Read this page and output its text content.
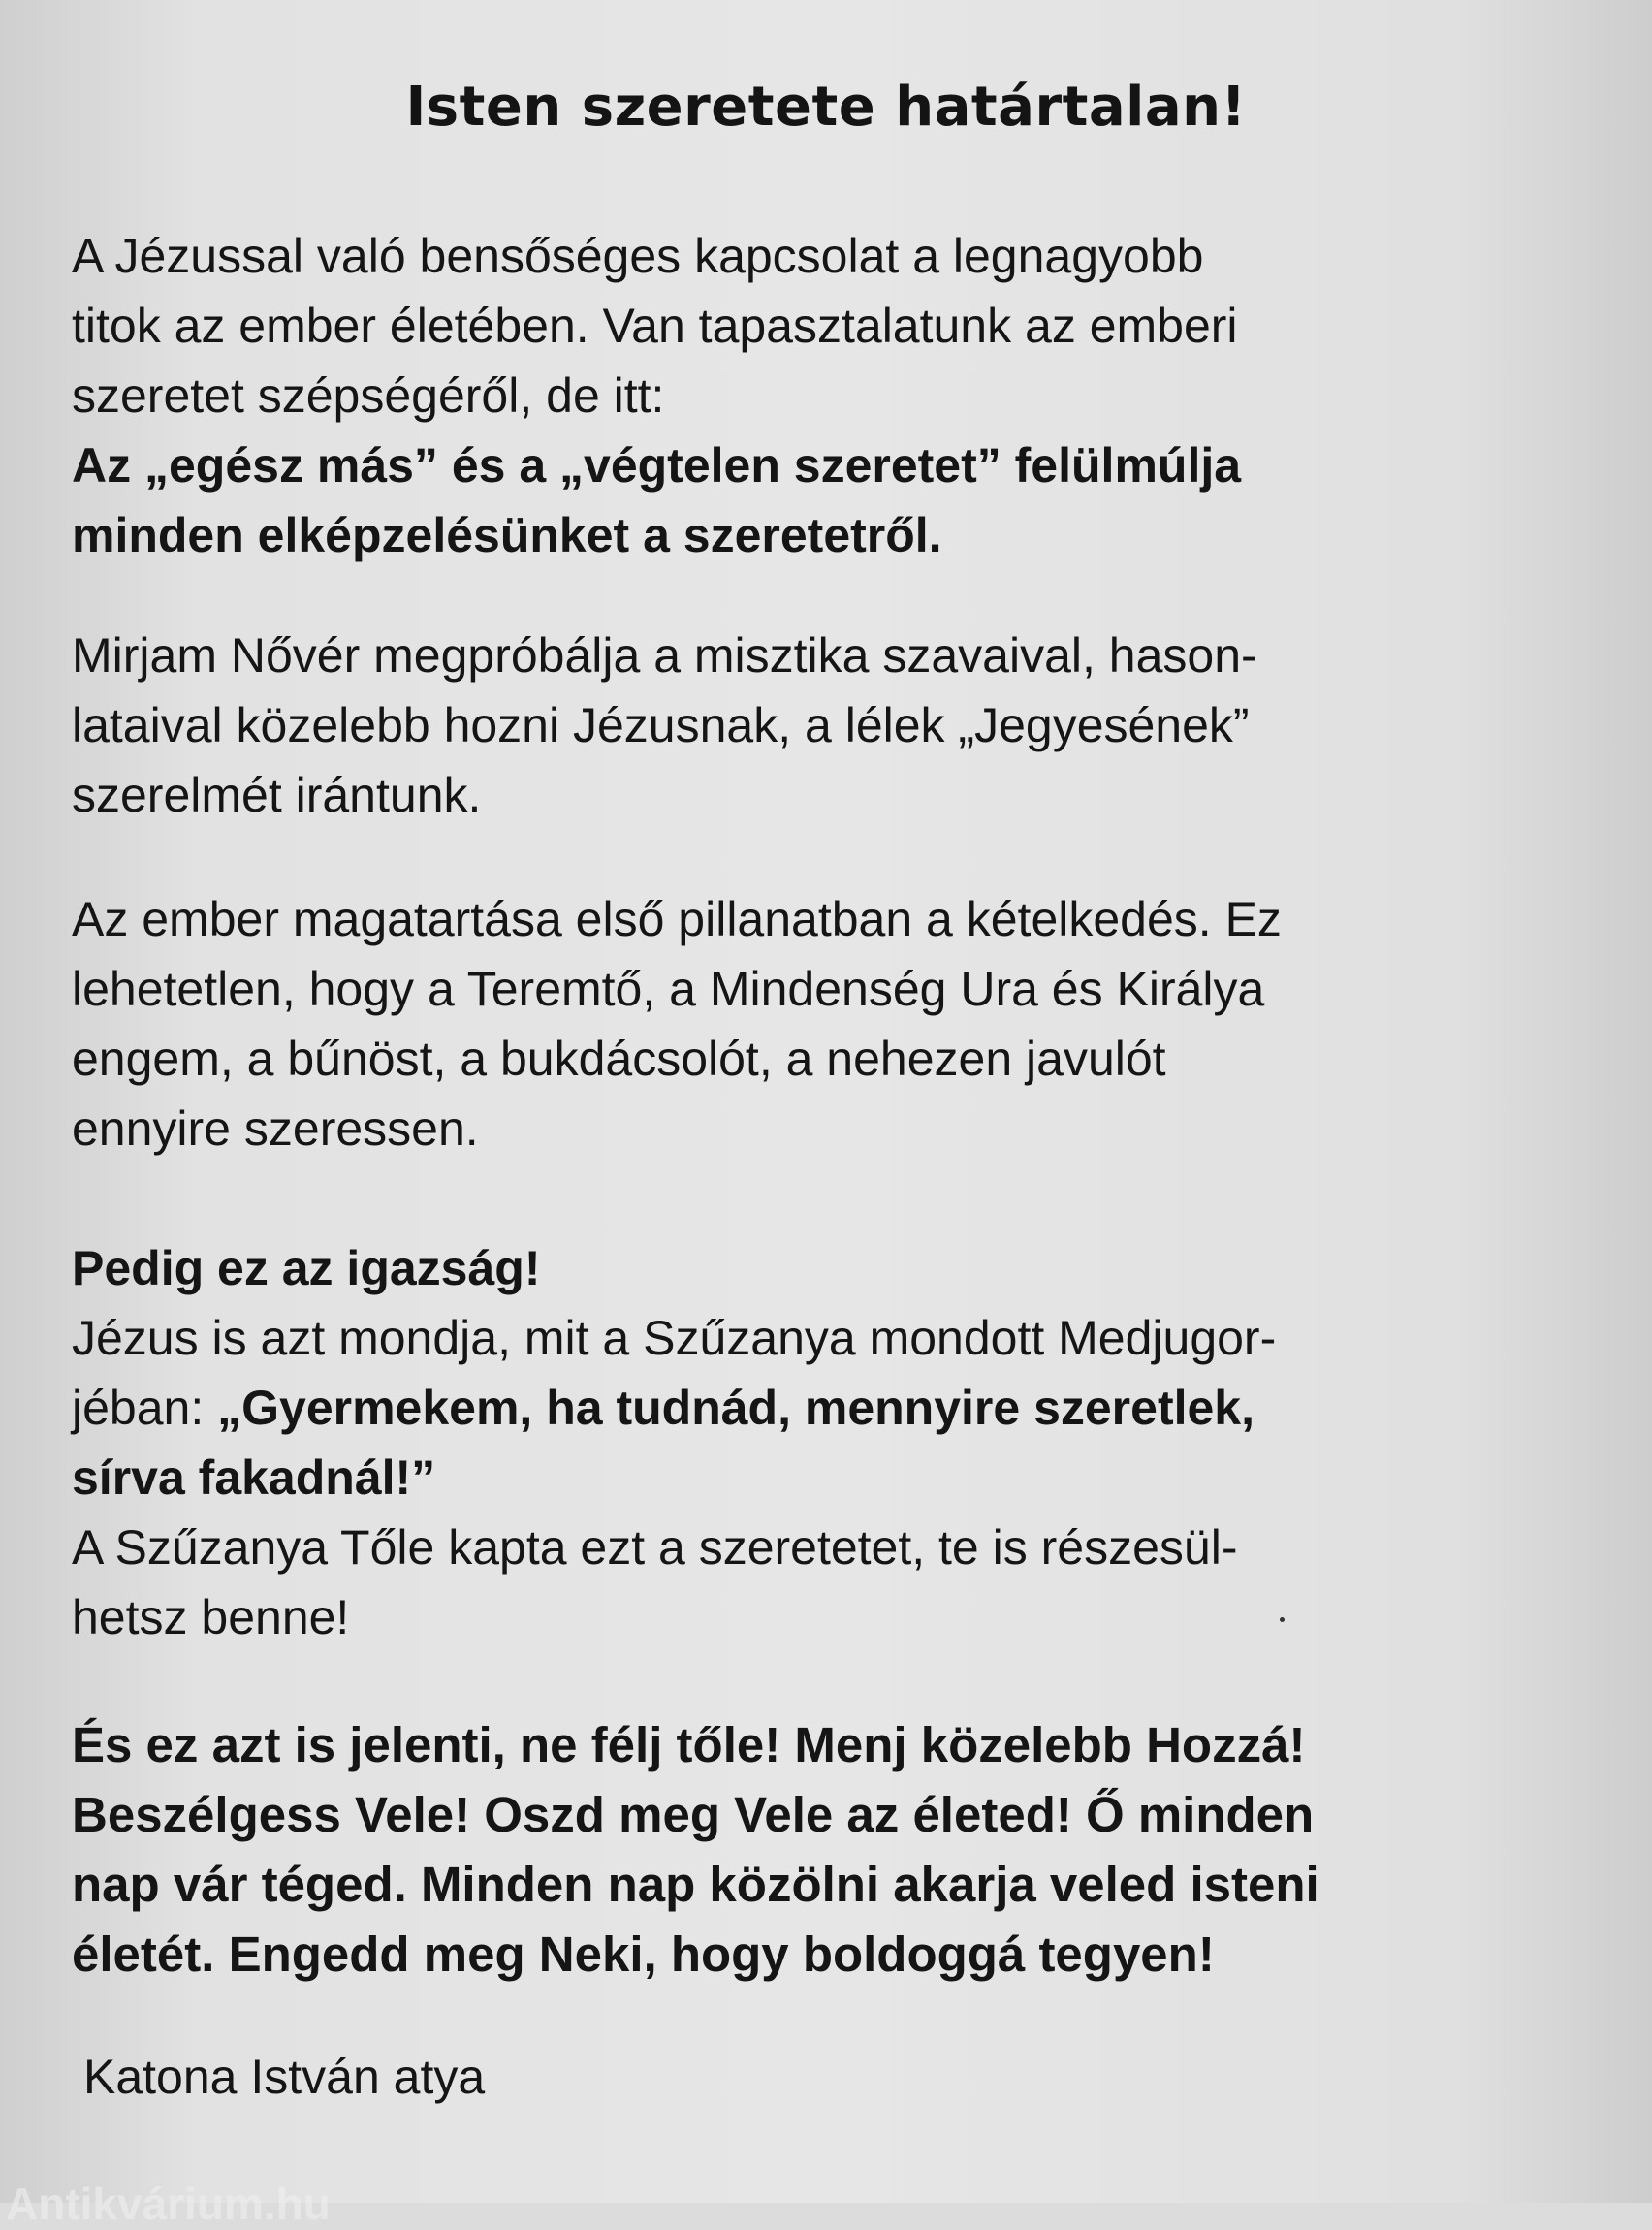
Isten szeretete határtalan!
A Jézussal való bensőséges kapcsolat a legnagyobb
titok az ember életében. Van tapasztalatunk az emberi
szeretet szépségéről, de itt:
Az „egész más” és a „végtelen szeretet” felülmúlja
minden elképzelésünket a szeretetről.
Mirjam Nővér megpróbálja a misztika szavaival, hason-
lataival közelebb hozni Jézusnak, a lélek „Jegyesének”
szerelmét irántunk.
Az ember magatartása első pillanatban a kételkedés. Ez
lehetetlen, hogy a Teremtő, a Mindenség Ura és Királya
engem, a bűnöst, a bukdácsolót, a nehezen javulót
ennyire szeressen.
Pedig ez az igazság!
Jézus is azt mondja, mit a Szűzanya mondott Medjugor-
jéban: „Gyermekem, ha tudnád, mennyire szeretlek,
sírva fakadnál!”
A Szűzanya Tőle kapta ezt a szeretetet, te is részesül-
hetsz benne!
És ez azt is jelenti, ne félj tőle! Menj közelebb Hozzá!
Beszélgess Vele! Oszd meg Vele az életed! Ő minden
nap vár téged. Minden nap közölni akarja veled isteni
életét. Engedd meg Neki, hogy boldoggá tegyen!
Katona István atya
Antikvárium.hu
